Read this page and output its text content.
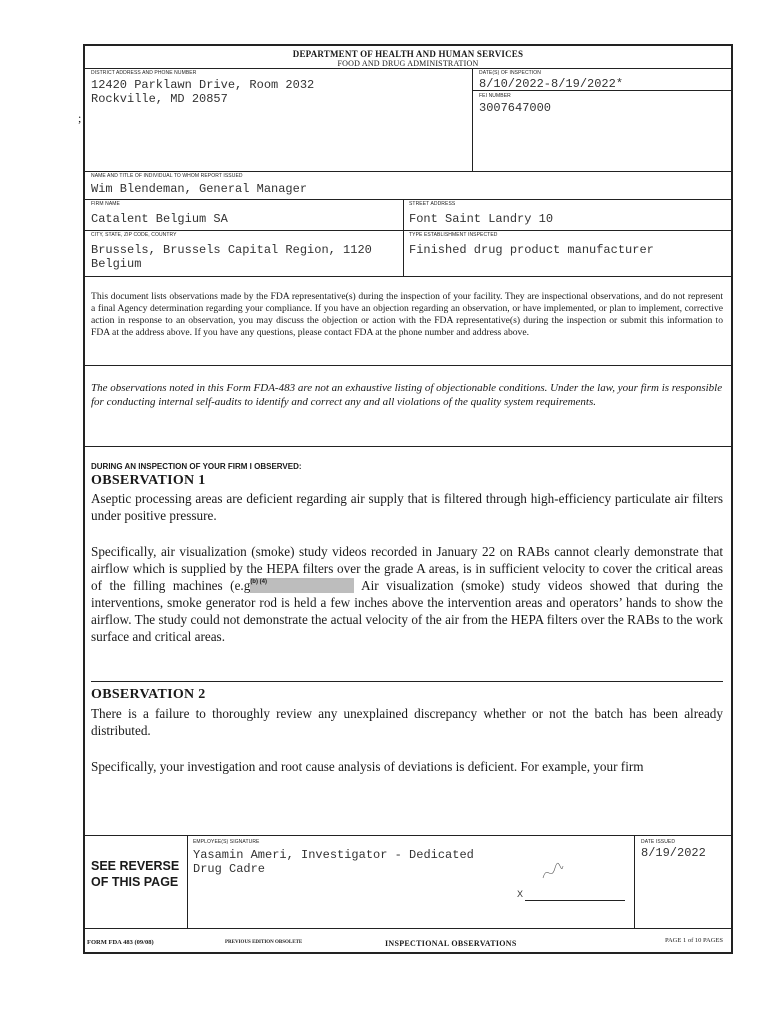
;
DEPARTMENT OF HEALTH AND HUMAN SERVICES
FOOD AND DRUG ADMINISTRATION
DISTRICT ADDRESS AND PHONE NUMBER
12420 Parklawn Drive, Room 2032
Rockville, MD 20857
DATE(S) OF INSPECTION
8/10/2022-8/19/2022*
FEI NUMBER
3007647000
NAME AND TITLE OF INDIVIDUAL TO WHOM REPORT ISSUED
Wim Blendeman, General Manager
FIRM NAME
Catalent Belgium SA
STREET ADDRESS
Font Saint Landry 10
CITY, STATE, ZIP CODE, COUNTRY
Brussels, Brussels Capital Region, 1120
Belgium
TYPE ESTABLISHMENT INSPECTED
Finished drug product manufacturer
This document lists observations made by the FDA representative(s) during the inspection of your facility. They are inspectional observations, and do not represent a final Agency determination regarding your compliance. If you have an objection regarding an observation, or have implemented, or plan to implement, corrective action in response to an observation, you may discuss the objection or action with the FDA representative(s) during the inspection or submit this information to FDA at the address above. If you have any questions, please contact FDA at the phone number and address above.
The observations noted in this Form FDA-483 are not an exhaustive listing of objectionable conditions. Under the law, your firm is responsible for conducting internal self-audits to identify and correct any and all violations of the quality system requirements.
DURING AN INSPECTION OF YOUR FIRM I OBSERVED:
OBSERVATION 1
Aseptic processing areas are deficient regarding air supply that is filtered through high-efficiency particulate air filters under positive pressure.
Specifically, air visualization (smoke) study videos recorded in January 22 on RABs cannot clearly demonstrate that airflow which is supplied by the HEPA filters over the grade A areas, is in sufficient velocity to cover the critical areas of the filling machines (e.g (b) (4)	Air visualization (smoke) study videos showed that during the interventions, smoke generator rod is held a few inches above the intervention areas and operators’ hands to show the airflow. The study could not demonstrate the actual velocity of the air from the HEPA filters over the RABs to the work surface and critical areas.
OBSERVATION 2
There is a failure to thoroughly review any unexplained discrepancy whether or not the batch has been already distributed.
Specifically, your investigation and root cause analysis of deviations is deficient. For example, your firm
SEE REVERSE OF THIS PAGE
EMPLOYEE(S) SIGNATURE
Yasamin Ameri, Investigator - Dedicated
Drug Cadre
X
DATE ISSUED
8/19/2022
FORM FDA 483 (09/08)	PREVIOUS EDITION OBSOLETE	INSPECTIONAL OBSERVATIONS	PAGE 1 of 10 PAGES
